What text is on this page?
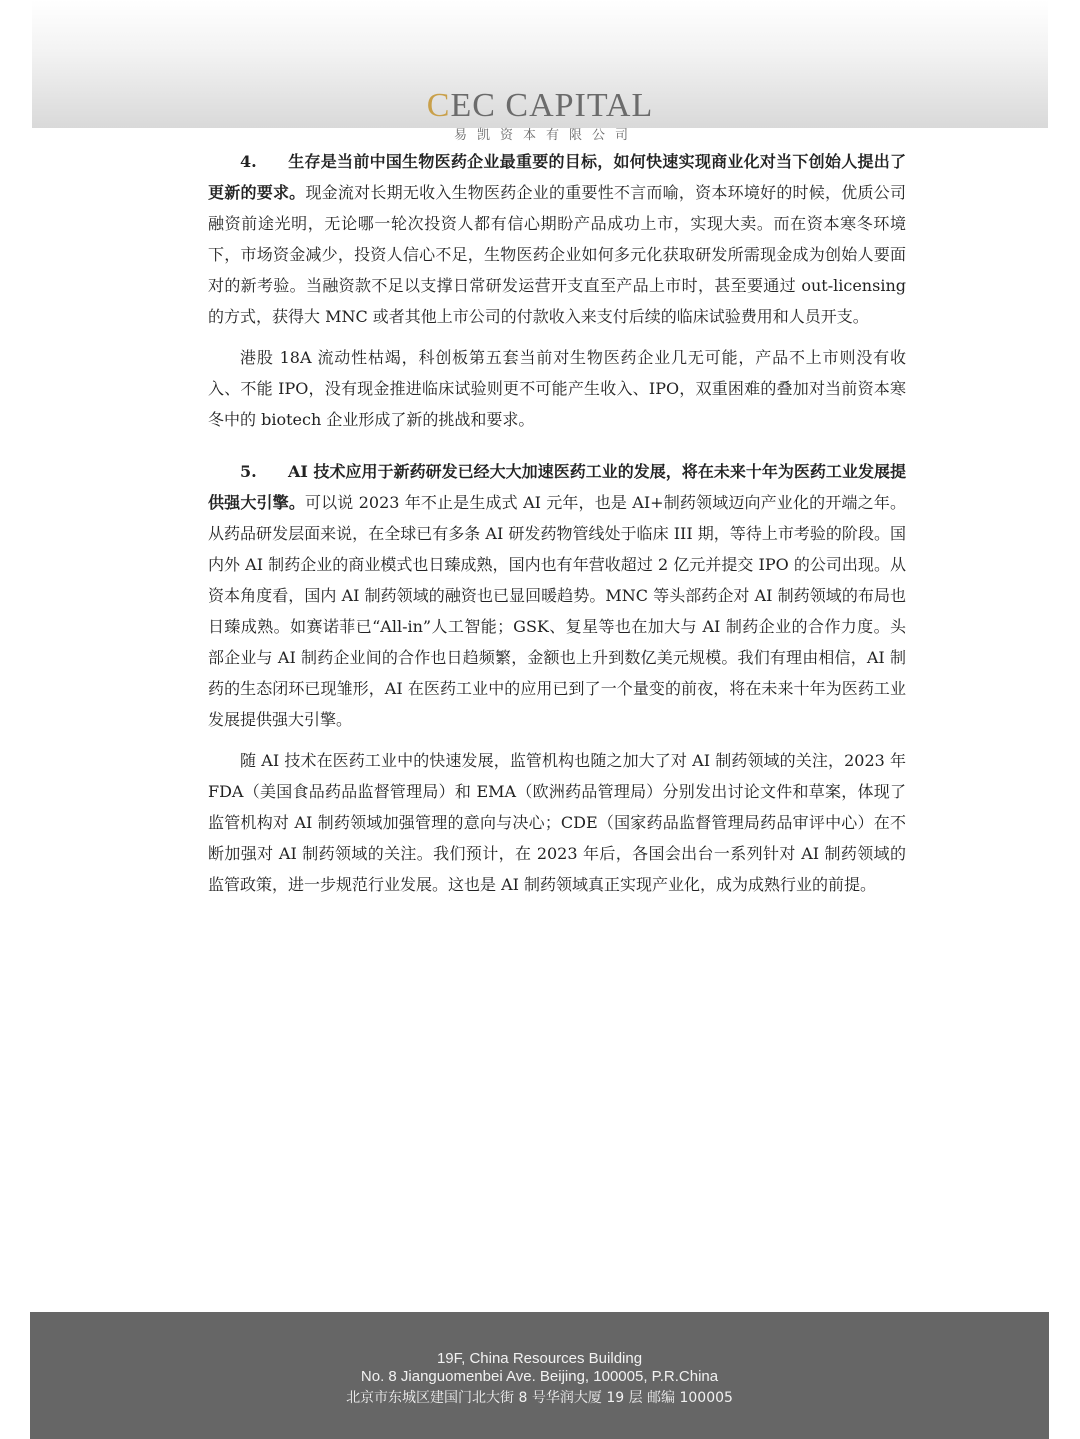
CEC CAPITAL
易凯资本有限公司

4. 生存是当前中国生物医药企业最重要的目标，如何快速实现商业化对当下创始人提出了更新的要求。现金流对长期无收入生物医药企业的重要性不言而喻，资本环境好的时候，优质公司融资前途光明，无论哪一轮次投资人都有信心期盼产品成功上市，实现大卖。而在资本寒冬环境下，市场资金减少，投资人信心不足，生物医药企业如何多元化获取研发所需现金成为创始人要面对的新考验。当融资款不足以支撑日常研发运营开支直至产品上市时，甚至要通过 out-licensing 的方式，获得大 MNC 或者其他上市公司的付款收入来支付后续的临床试验费用和人员开支。

港股 18A 流动性枯竭，科创板第五套当前对生物医药企业几无可能，产品不上市则没有收入、不能 IPO，没有现金推进临床试验则更不可能产生收入、IPO，双重困难的叠加对当前资本寒冬中的 biotech 企业形成了新的挑战和要求。

5. AI 技术应用于新药研发已经大大加速医药工业的发展，将在未来十年为医药工业发展提供强大引擎。可以说 2023 年不止是生成式 AI 元年，也是 AI+制药领域迈向产业化的开端之年。从药品研发层面来说，在全球已有多条 AI 研发药物管线处于临床 III 期，等待上市考验的阶段。国内外 AI 制药企业的商业模式也日臻成熟，国内也有年营收超过 2 亿元并提交 IPO 的公司出现。从资本角度看，国内 AI 制药领域的融资也已显回暖趋势。MNC 等头部药企对 AI 制药领域的布局也日臻成熟。如赛诺菲已“All-in”人工智能；GSK、复星等也在加大与 AI 制药企业的合作力度。头部企业与 AI 制药企业间的合作也日趋频繁，金额也上升到数亿美元规模。我们有理由相信，AI 制药的生态闭环已现雏形，AI 在医药工业中的应用已到了一个量变的前夜，将在未来十年为医药工业发展提供强大引擎。

随 AI 技术在医药工业中的快速发展，监管机构也随之加大了对 AI 制药领域的关注，2023 年 FDA（美国食品药品监督管理局）和 EMA（欧洲药品管理局）分别发出讨论文件和草案，体现了监管机构对 AI 制药领域加强管理的意向与决心；CDE（国家药品监督管理局药品审评中心）在不断加强对 AI 制药领域的关注。我们预计，在 2023 年后，各国会出台一系列针对 AI 制药领域的监管政策，进一步规范行业发展。这也是 AI 制药领域真正实现产业化，成为成熟行业的前提。

19F, China Resources Building
No. 8 Jianguomenbei Ave. Beijing, 100005, P.R.China
北京市东城区建国门北大街 8 号华润大厦 19 层 邮编 100005
